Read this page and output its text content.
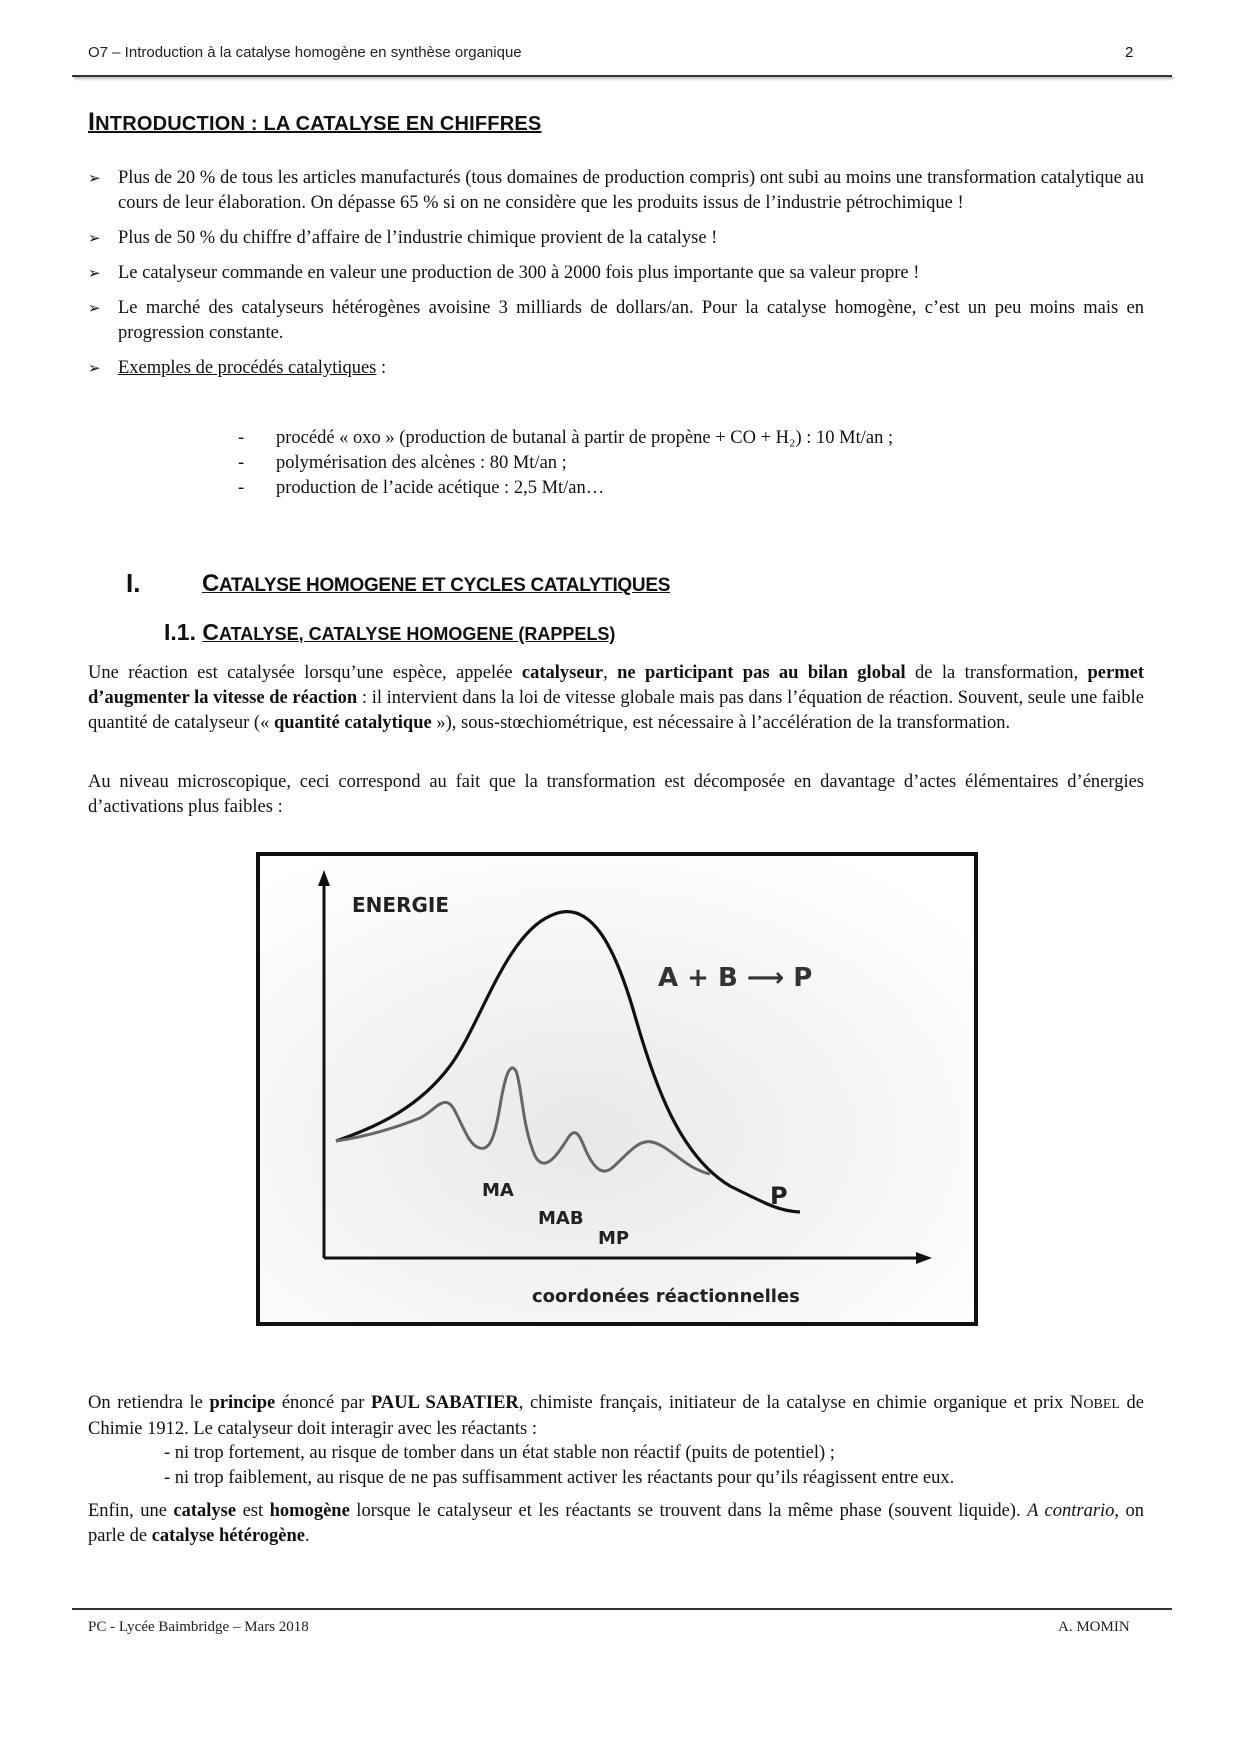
O7 – Introduction à la catalyse homogène en synthèse organique	2
INTRODUCTION : LA CATALYSE EN CHIFFRES
➢ Plus de 20 % de tous les articles manufacturés (tous domaines de production compris) ont subi au moins une transformation catalytique au cours de leur élaboration. On dépasse 65 % si on ne considère que les produits issus de l’industrie pétrochimique !
➢ Plus de 50 % du chiffre d’affaire de l’industrie chimique provient de la catalyse !
➢ Le catalyseur commande en valeur une production de 300 à 2000 fois plus importante que sa valeur propre !
➢ Le marché des catalyseurs hétérogènes avoisine 3 milliards de dollars/an. Pour la catalyse homogène, c’est un peu moins mais en progression constante.
➢ Exemples de procédés catalytiques :
- procédé « oxo » (production de butanal à partir de propène + CO + H₂) : 10 Mt/an ;
- polymérisation des alcènes : 80 Mt/an ;
- production de l’acide acétique : 2,5 Mt/an…
I.	CATALYSE HOMOGENE ET CYCLES CATALYTIQUES
I.1. CATALYSE, CATALYSE HOMOGENE (RAPPELS)
Une réaction est catalysée lorsqu’une espèce, appelée catalyseur, ne participant pas au bilan global de la transformation, permet d’augmenter la vitesse de réaction : il intervient dans la loi de vitesse globale mais pas dans l’équation de réaction. Souvent, seule une faible quantité de catalyseur (« quantité catalytique »), sous-stœchiométrique, est nécessaire à l’accélération de la transformation.
Au niveau microscopique, ceci correspond au fait que la transformation est décomposée en davantage d’actes élémentaires d’énergies d’activations plus faibles :
ENERGIE
A + B ⟶ P
MA
MAB
MP
P
coordonées réactionnelles
On retiendra le principe énoncé par PAUL SABATIER, chimiste français, initiateur de la catalyse en chimie organique et prix NOBEL de Chimie 1912. Le catalyseur doit interagir avec les réactants :
- ni trop fortement, au risque de tomber dans un état stable non réactif (puits de potentiel) ;
- ni trop faiblement, au risque de ne pas suffisamment activer les réactants pour qu’ils réagissent entre eux.
Enfin, une catalyse est homogène lorsque le catalyseur et les réactants se trouvent dans la même phase (souvent liquide). A contrario, on parle de catalyse hétérogène.
PC - Lycée Baimbridge – Mars 2018	A. MOMIN
